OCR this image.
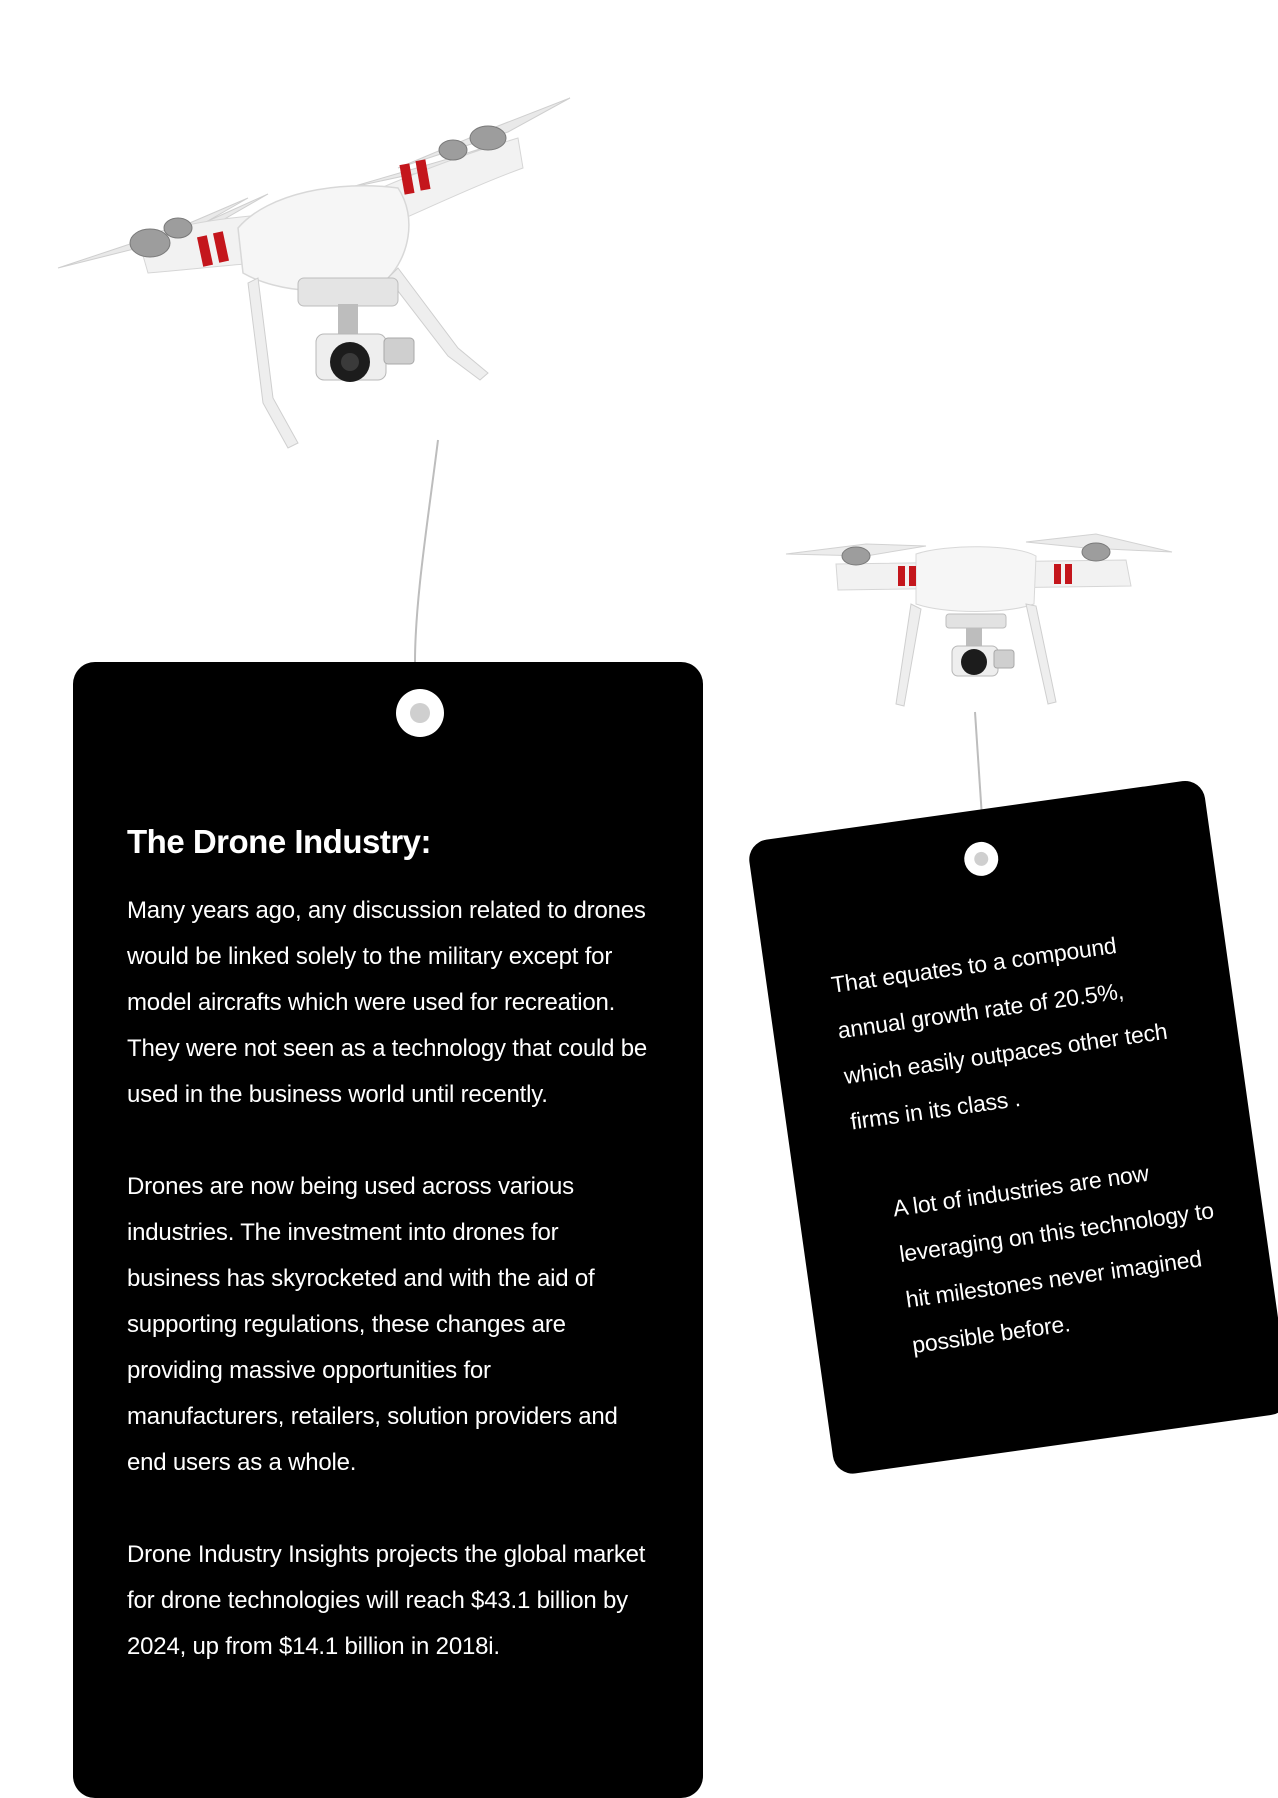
The Drone Industry:

Many years ago, any discussion related to drones would be linked solely to the military except for model aircrafts which were used for recreation. They were not seen as a technology that could be used in the business world until recently.

Drones are now being used across various industries. The investment into drones for business has skyrocketed and with the aid of supporting regulations, these changes are providing massive opportunities for manufacturers, retailers, solution providers and end users as a whole.

Drone Industry Insights projects the global market for drone technologies will reach $43.1 billion by 2024, up from $14.1 billion in 2018i.

That equates to a compound annual growth rate of 20.5%, which easily outpaces other tech firms in its class .

A lot of industries are now leveraging on this technology to hit milestones never imagined possible before.
